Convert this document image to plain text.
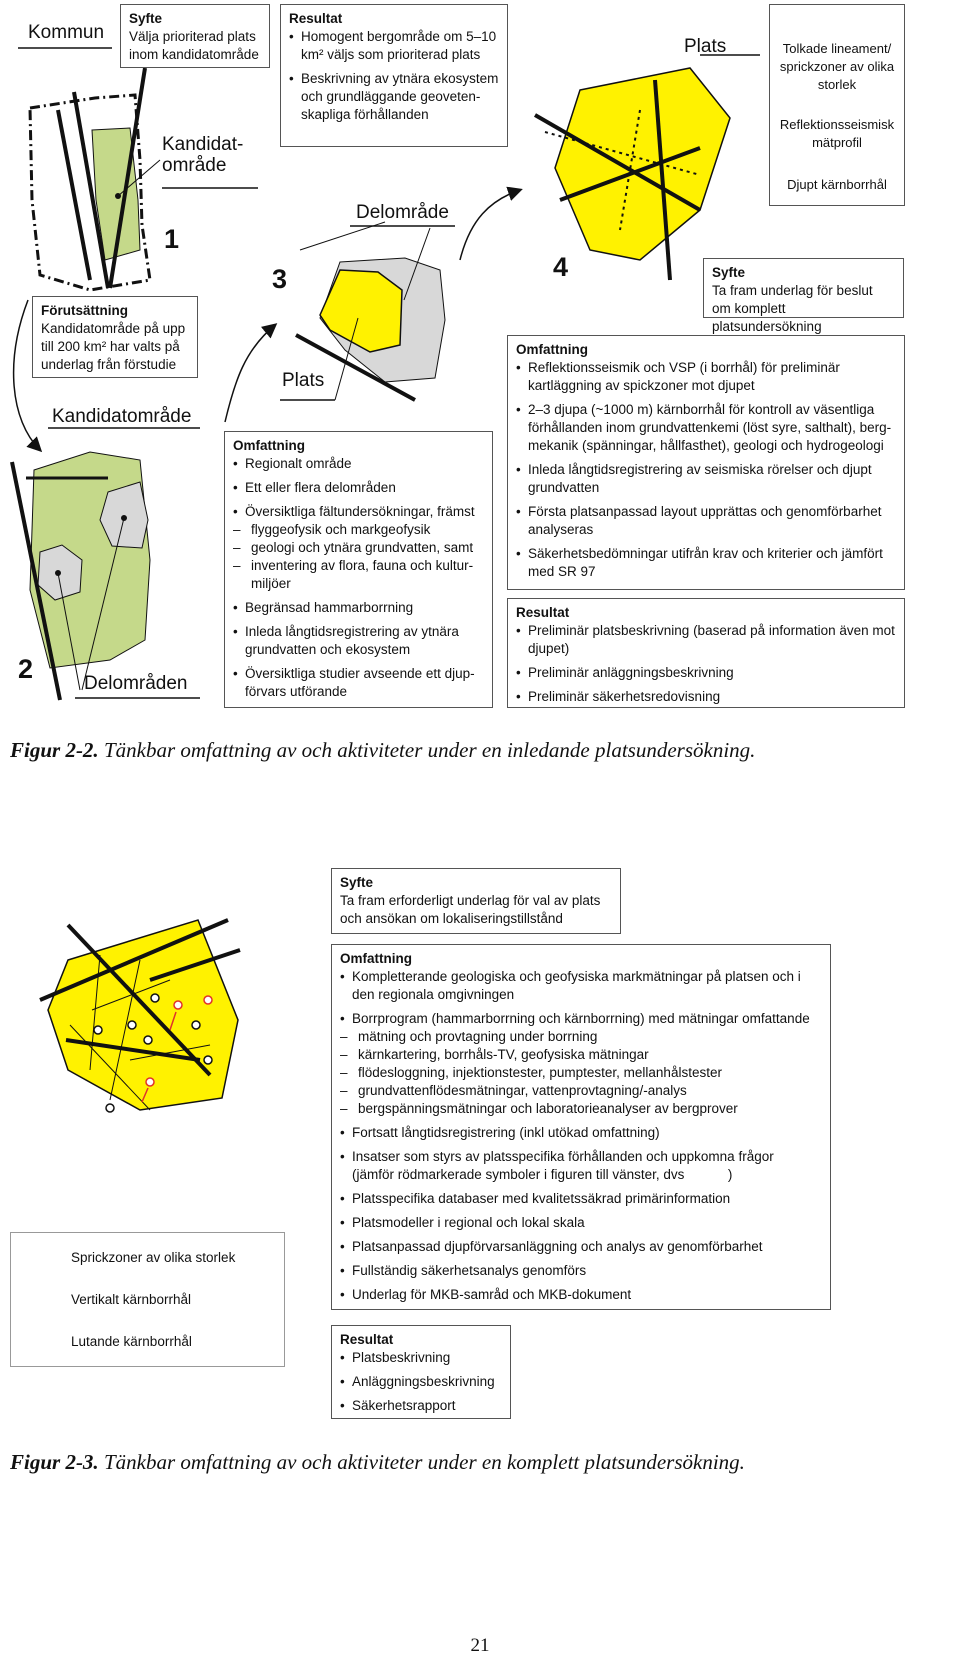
Kommun
Syfte
Välja prioriterad plats inom kandidatområde
Resultat
• Homogent bergområde om 5–10 km² väljs som prioriterad plats
• Beskrivning av ytnära ekosystem och grundläggande geoveten-skapliga förhållanden
Plats	Tolkade lineament/ sprickzoner av olika storlek
Reflektionsseismisk mätprofil
Djupt kärnborrhål
Kandidat-område
1
3	4
2
Delområde
Syfte
Ta fram underlag för beslut om komplett platsundersökning
Förutsättning
Kandidatområde på upp till 200 km² har valts på underlag från förstudie
Plats
Kandidatområde
Omfattning
• Regionalt område
• Ett eller flera delområden
• Översiktliga fältundersökningar, främst
– flyggeofysik och markgeofysik
– geologi och ytnära grundvatten, samt
– inventering av flora, fauna och kultur-miljöer
• Begränsad hammarborrning
• Inleda långtidsregistrering av ytnära grundvatten och ekosystem
• Översiktliga studier avseende ett djup-förvars utförande
Omfattning
• Reflektionsseismik och VSP (i borrhål) för preliminär kartläggning av spickzoner mot djupet
• 2–3 djupa (~1000 m) kärnborrhål för kontroll av väsentliga förhållanden inom grundvattenkemi (löst syre, salthalt), berg-mekanik (spänningar, hållfasthet), geologi och hydrogeologi
• Inleda långtidsregistrering av seismiska rörelser och djupt grundvatten
• Första platsanpassad layout upprättas och genomförbarhet analyseras
• Säkerhetsbedömningar utifrån krav och kriterier och jämfört med SR 97
Resultat
• Preliminär platsbeskrivning (baserad på information även mot djupet)
• Preliminär anläggningsbeskrivning
• Preliminär säkerhetsredovisning
Delområden
Figur 2-2. Tänkbar omfattning av och aktiviteter under en inledande platsundersökning.
Syfte
Ta fram erforderligt underlag för val av plats och ansökan om lokaliseringstillstånd
Omfattning
• Kompletterande geologiska och geofysiska markmätningar på platsen och i den regionala omgivningen
• Borrprogram (hammarborrning och kärnborrning) med mätningar omfattande
– mätning och provtagning under borrning
– kärnkartering, borrhåls-TV, geofysiska mätningar
– flödesloggning, injektionstester, pumptester, mellanhålstester
– grundvattenflödesmätningar, vattenprovtagning/-analys
– bergspänningsmätningar och laboratorieanalyser av bergprover
• Fortsatt långtidsregistrering (inkl utökad omfattning)
• Insatser som styrs av platsspecifika förhållanden och uppkomna frågor
(jämför rödmarkerade symboler i figuren till vänster, dvs	)
• Platsspecifika databaser med kvalitetssäkrad primärinformation
• Platsmodeller i regional och lokal skala
• Platsanpassad djupförvarsanläggning och analys av genomförbarhet
• Fullständig säkerhetsanalys genomförs
• Underlag för MKB-samråd och MKB-dokument
Sprickzoner av olika storlek
Vertikalt kärnborrhål
Lutande kärnborrhål	Resultat
• Platsbeskrivning
• Anläggningsbeskrivning
• Säkerhetsrapport
Figur 2-3. Tänkbar omfattning av och aktiviteter under en komplett platsundersökning.
21
